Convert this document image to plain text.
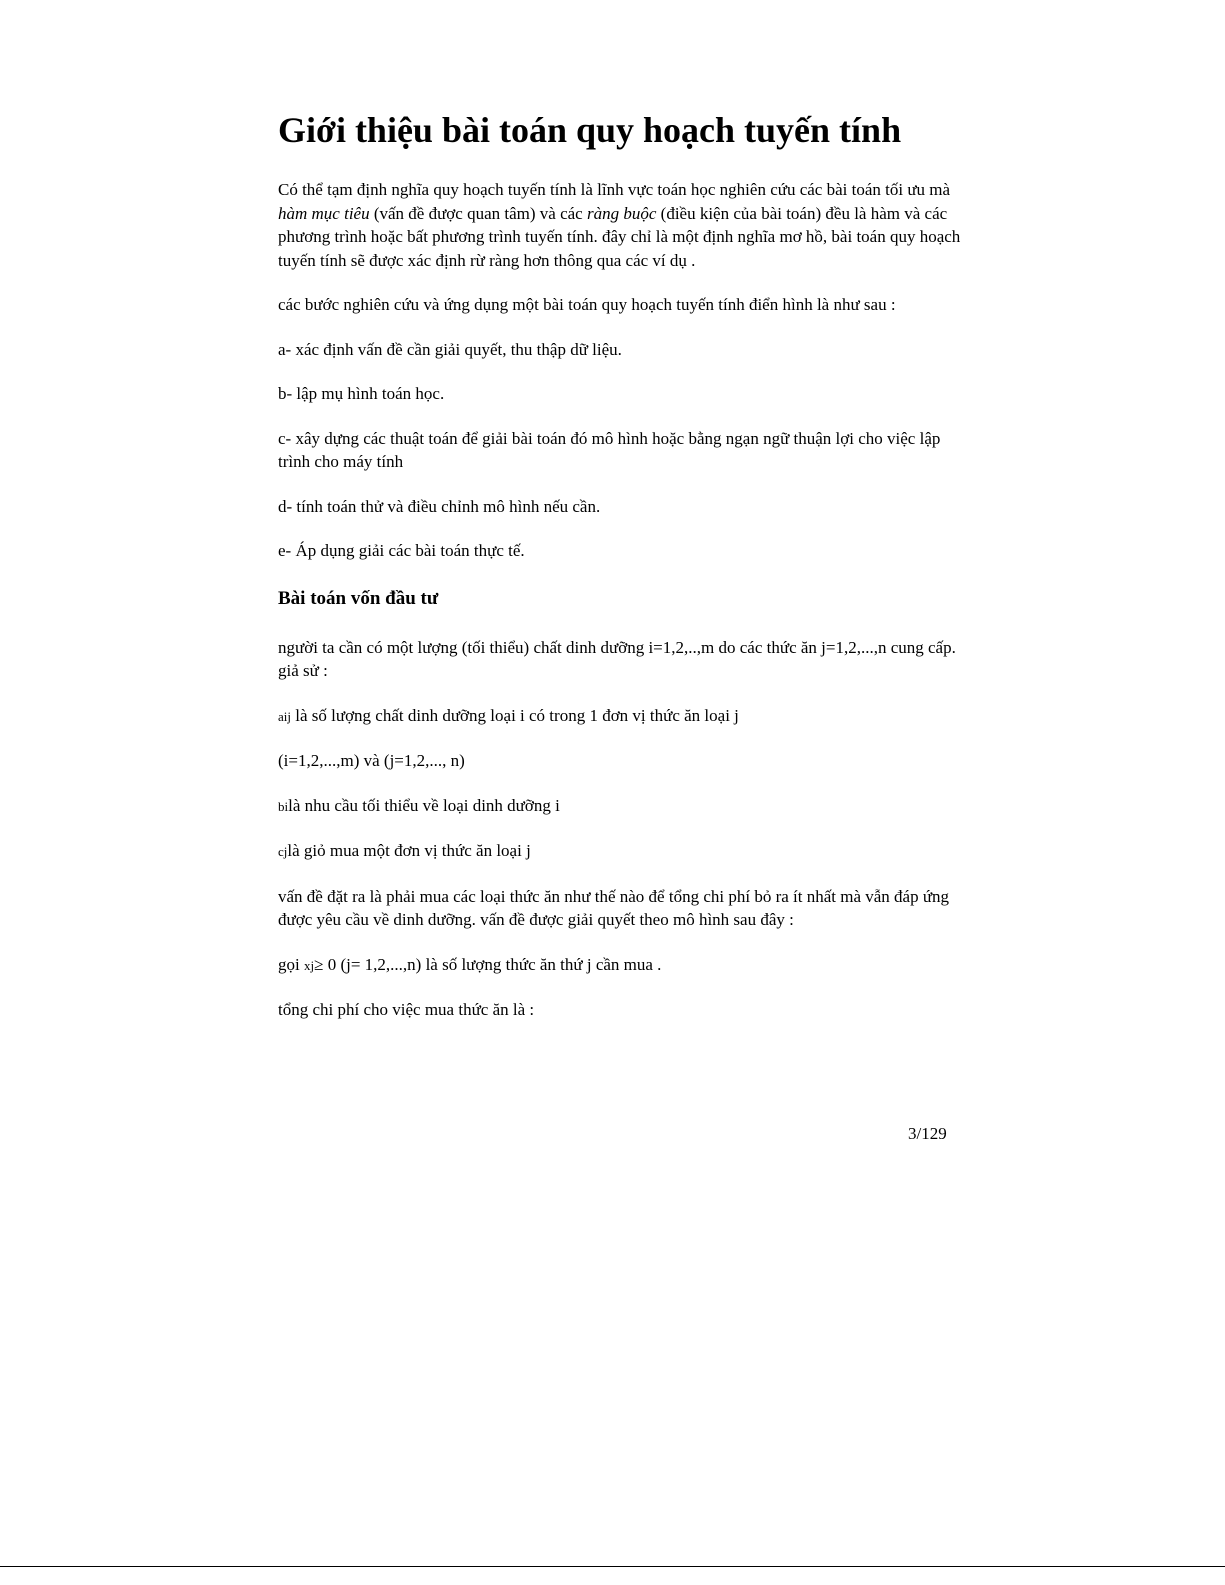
Giới thiệu bài toán quy hoạch tuyến tính

Có thể tạm định nghĩa quy hoạch tuyến tính là lĩnh vực toán học nghiên cứu các bài toán tối ưu mà hàm mục tiêu (vấn đề được quan tâm) và các ràng buộc (điều kiện của bài toán) đều là hàm và các phương trình hoặc bất phương trình tuyến tính. đây chỉ là một định nghĩa mơ hồ, bài toán quy hoạch tuyến tính sẽ được xác định rừ ràng hơn thông qua các ví dụ .

các bước nghiên cứu và ứng dụng một bài toán quy hoạch tuyến tính điển hình là như sau :

a- xác định vấn đề cần giải quyết, thu thập dữ liệu.

b- lập mụ hình toán học.

c- xây dựng các thuật toán để giải bài toán đó mô hình hoặc bằng ngạn ngữ thuận lợi cho việc lập trình cho máy tính

d- tính toán thử và điều chỉnh mô hình nếu cần.

e- Áp dụng giải các bài toán thực tế.

Bài toán vốn đầu tư

người ta cần có một lượng (tối thiểu) chất dinh dưỡng i=1,2,..,m do các thức ăn j=1,2,...,n cung cấp. giả sử :

aij là số lượng chất dinh dưỡng loại i có trong 1 đơn vị thức ăn loại j

(i=1,2,...,m) và (j=1,2,..., n)

bilà nhu cầu tối thiểu về loại dinh dưỡng i

cjlà giỏ mua một đơn vị thức ăn loại j

vấn đề đặt ra là phải mua các loại thức ăn như thế nào để tổng chi phí bỏ ra ít nhất mà vẫn đáp ứng được yêu cầu về dinh dưỡng. vấn đề được giải quyết theo mô hình sau đây :

gọi xj≥ 0 (j= 1,2,...,n) là số lượng thức ăn thứ j cần mua .

tổng chi phí cho việc mua thức ăn là :

3/129
